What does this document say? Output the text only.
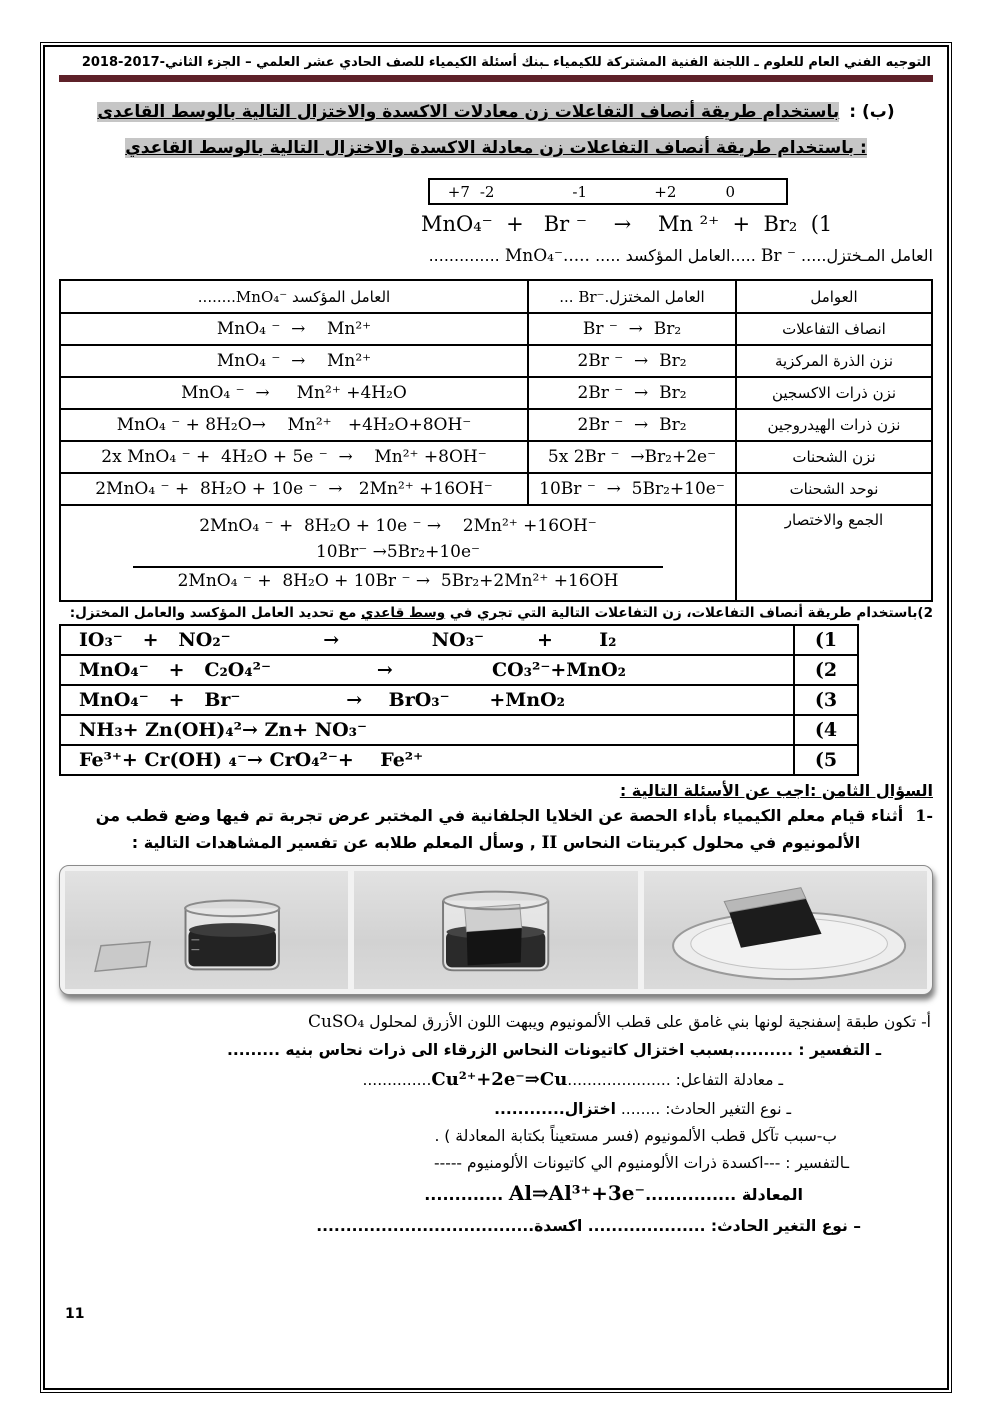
التوجيه الفني العام للعلوم ـ اللجنة الفنية المشتركة للكيمياء ـبنك أسئلة الكيمياء للصف الحادي عشر العلمي – الجزء الثاني-2017-2018
(ب) :باستخدام طريقة أنصاف التفاعلات زن معادلات الاكسدة والاختزال التالية بالوسط القاعدى
: باستخدام طريقة أنصاف التفاعلات زن معادلة الاكسدة والاختزال التالية بالوسط القاعدي
+7 -2	-1	+2	0
MnO₄⁻  +   Br ⁻    →    Mn ²⁺  +  Br₂  (1
العامل المـختزل..... Br ⁻ .....العامل المؤكسد ..... MnO₄⁻..... ..............
العوامل	العامل المختزل.Br⁻ ...	العامل المؤكسد .....MnO₄⁻...
انصاف التفاعلات	Br ⁻  →  Br₂	MnO₄ ⁻  →    Mn²⁺
نزن الذرة المركزية	2Br ⁻  →  Br₂	MnO₄ ⁻  →    Mn²⁺
نزن ذرات الاكسجين	2Br ⁻  →  Br₂	MnO₄ ⁻  →     Mn²⁺ +4H₂O
نزن ذرات الهيدروجين	2Br ⁻  →  Br₂	MnO₄ ⁻ + 8H₂O→    Mn²⁺   +4H₂O+8OH⁻
نزن الشحنات	5x 2Br ⁻  →Br₂+2e⁻	2x MnO₄ ⁻ +  4H₂O + 5e ⁻  →    Mn²⁺ +8OH⁻
نوحد الشحنات	10Br ⁻  →  5Br₂+10e⁻	2MnO₄ ⁻ +  8H₂O + 10e ⁻  →   2Mn²⁺ +16OH⁻
الجمع والاختصار	2MnO₄ ⁻ +  8H₂O + 10e ⁻ →    2Mn²⁺ +16OH⁻
10Br⁻ →5Br₂+10e⁻
2MnO₄ ⁻ +  8H₂O + 10Br ⁻ →  5Br₂+2Mn²⁺ +16OH	
2)باستخدام طريقة أنصاف التفاعلات، زن التفاعلات التالية التي تجري في وسط قاعدي مع تحديد العامل المؤكسد والعامل المختزل:
(1	IO₃⁻   +   NO₂⁻              →              NO₃⁻        +       I₂
(2	MnO₄⁻   +   C₂O₄²⁻                →               CO₃²⁻+MnO₂
(3	MnO₄⁻   +   Br⁻                →    BrO₃⁻      +MnO₂
(4	NH₃+ Zn(OH)₄²→ Zn+ NO₃⁻
(5	Fe³⁺+ Cr(OH) ₄⁻→ CrO₄²⁻+    Fe²⁺
السؤال الثامن :اجب عن الأسئلة التالية :
1-أثناء قيام معلم الكيمياء بأداء الحصة عن الخلايا الجلفانية في المختبر عرض تجربة تم فيها وضع قطب من
الألمونيوم في محلول كبريتات النحاس II , وسأل المعلم طلابه عن تفسير المشاهدات التالية :
أ- تكون طبقة إسفنجية لونها بني غامق على قطب الألمونيوم ويبهت اللون الأزرق لمحلول CuSO₄
ـ التفسير : ..........بسبب اختزال كاتيونات النحاس الزرقاء الى ذرات نحاس بنيه .........
ـ معادلة التفاعل: .....................Cu²⁺+2e⁻⇒Cu..............
ـ نوع التغير الحادث: ........ اختزال............
ب-سبب تآكل قطب الألمونيوم (فسر مستعيناً بكتابة المعادلة ) .
ـالتفسير : ---اكسدة ذرات الألومنيوم الي كاتيونات الألومنيوم -----
المعادلة ...............Al⇒Al³⁺+3e⁻ .............
– نوع التغير الحادث: .................... اكسدة.....................................
11
